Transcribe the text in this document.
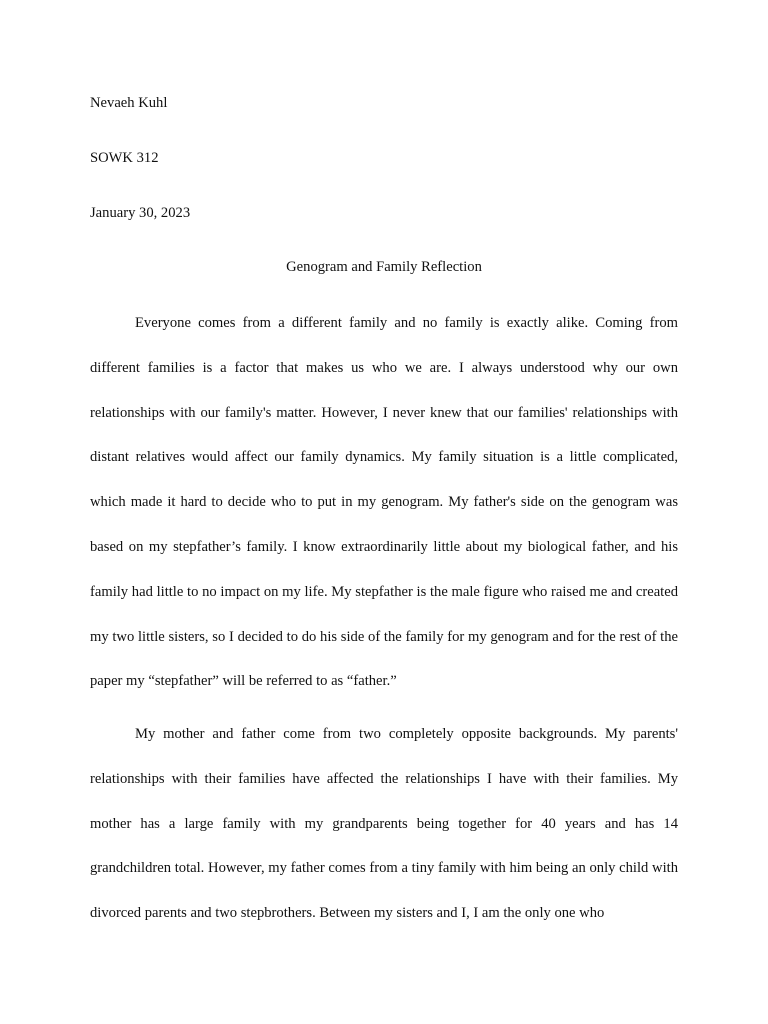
Nevaeh Kuhl
SOWK 312
January 30, 2023
Genogram and Family Reflection

Everyone comes from a different family and no family is exactly alike. Coming from different families is a factor that makes us who we are. I always understood why our own relationships with our family's matter. However, I never knew that our families' relationships with distant relatives would affect our family dynamics. My family situation is a little complicated, which made it hard to decide who to put in my genogram. My father's side on the genogram was based on my stepfather’s family. I know extraordinarily little about my biological father, and his family had little to no impact on my life. My stepfather is the male figure who raised me and created my two little sisters, so I decided to do his side of the family for my genogram and for the rest of the paper my “stepfather” will be referred to as “father.”

My mother and father come from two completely opposite backgrounds. My parents' relationships with their families have affected the relationships I have with their families. My mother has a large family with my grandparents being together for 40 years and has 14 grandchildren total. However, my father comes from a tiny family with him being an only child with divorced parents and two stepbrothers. Between my sisters and I, I am the only one who
